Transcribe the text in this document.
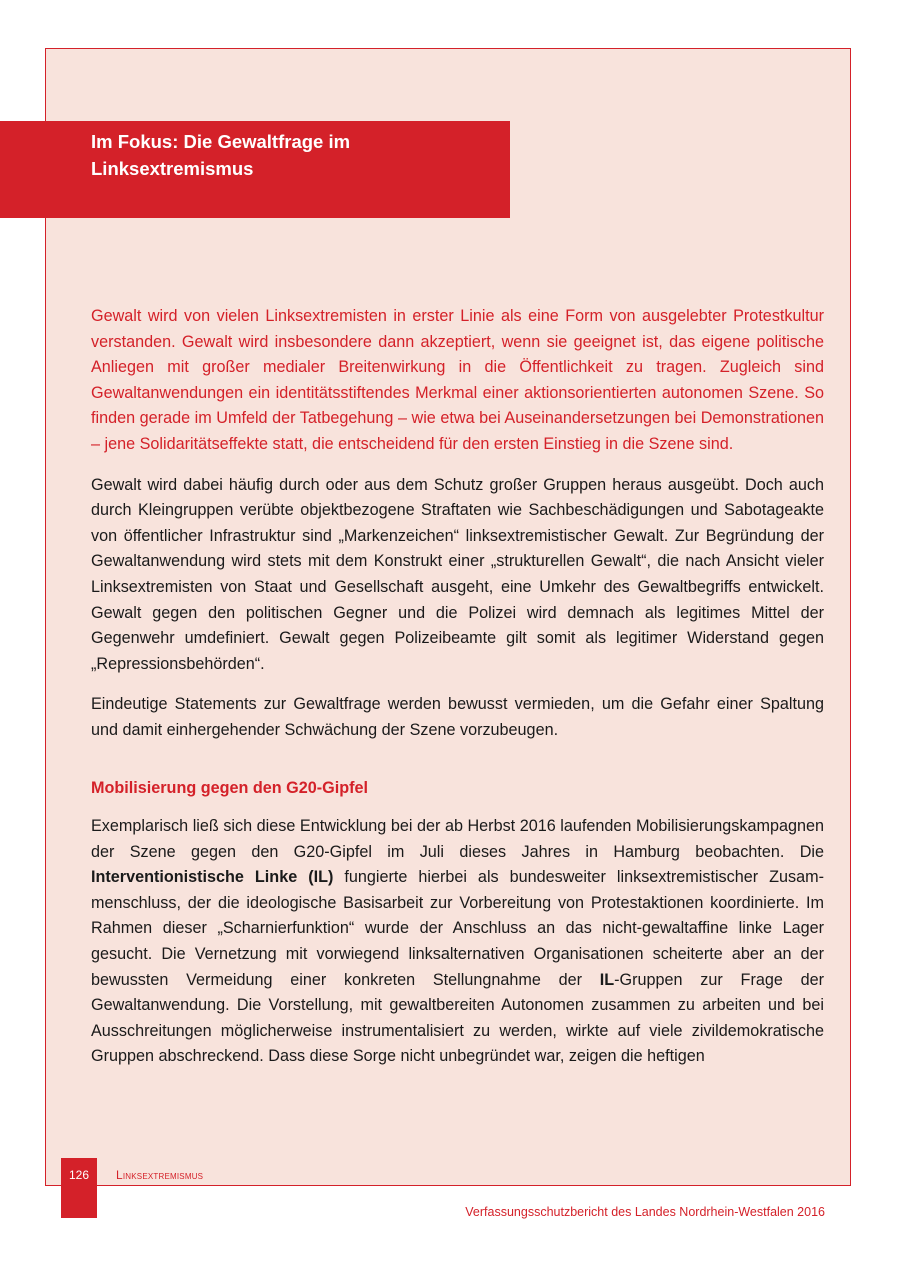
Im Fokus: Die Gewaltfrage im
Linksextremismus

Gewalt wird von vielen Linksextremisten in erster Linie als eine Form von ausgelebter Protestkultur verstanden. Gewalt wird insbesondere dann akzeptiert, wenn sie geeignet ist, das eigene politische Anliegen mit großer medialer Breitenwirkung in die Öffentlichkeit zu tragen. Zugleich sind Gewaltanwendungen ein identitätsstiftendes Merkmal einer aktionsorientierten autonomen Szene. So finden gerade im Umfeld der Tatbegehung – wie etwa bei Auseinandersetzungen bei Demonstrationen – jene Solidaritätseffekte statt, die entscheidend für den ersten Einstieg in die Szene sind.

Gewalt wird dabei häufig durch oder aus dem Schutz großer Gruppen heraus ausgeübt. Doch auch durch Kleingruppen verübte objektbezogene Straftaten wie Sachbeschädigungen und Sabotageakte von öffentlicher Infrastruktur sind „Markenzeichen“ linksextremistischer Gewalt. Zur Begründung der Gewaltanwendung wird stets mit dem Konstrukt einer „strukturellen Gewalt“, die nach Ansicht vieler Linksextremisten von Staat und Gesellschaft ausgeht, eine Umkehr des Gewaltbegriffs entwickelt. Gewalt gegen den politischen Gegner und die Polizei wird demnach als legitimes Mittel der Gegenwehr umdefiniert. Gewalt gegen Polizeibeamte gilt somit als legitimer Widerstand gegen „Repressionsbehörden“.

Eindeutige Statements zur Gewaltfrage werden bewusst vermieden, um die Gefahr einer Spaltung und damit einhergehender Schwächung der Szene vorzubeugen.

Mobilisierung gegen den G20-Gipfel

Exemplarisch ließ sich diese Entwicklung bei der ab Herbst 2016 laufenden Mobilisierungskampagnen der Szene gegen den G20-Gipfel im Juli dieses Jahres in Hamburg beobachten. Die Interventionistische Linke (IL) fungierte hierbei als bundesweiter linksextremistischer Zusammenschluss, der die ideologische Basisarbeit zur Vorbereitung von Protestaktionen koordinierte. Im Rahmen dieser „Scharnierfunktion“ wurde der Anschluss an das nicht-gewaltaffine linke Lager gesucht. Die Vernetzung mit vorwiegend linksalternativen Organisationen scheiterte aber an der bewussten Vermeidung einer konkreten Stellungnahme der IL-Gruppen zur Frage der Gewaltanwendung. Die Vorstellung, mit gewaltbereiten Autonomen zusammen zu arbeiten und bei Ausschreitungen möglicherweise instrumentalisiert zu werden, wirkte auf viele zivildemokratische Gruppen abschreckend. Dass diese Sorge nicht unbegründet war, zeigen die heftigen

126	Linksextremismus
Verfassungsschutzbericht des Landes Nordrhein-Westfalen 2016
